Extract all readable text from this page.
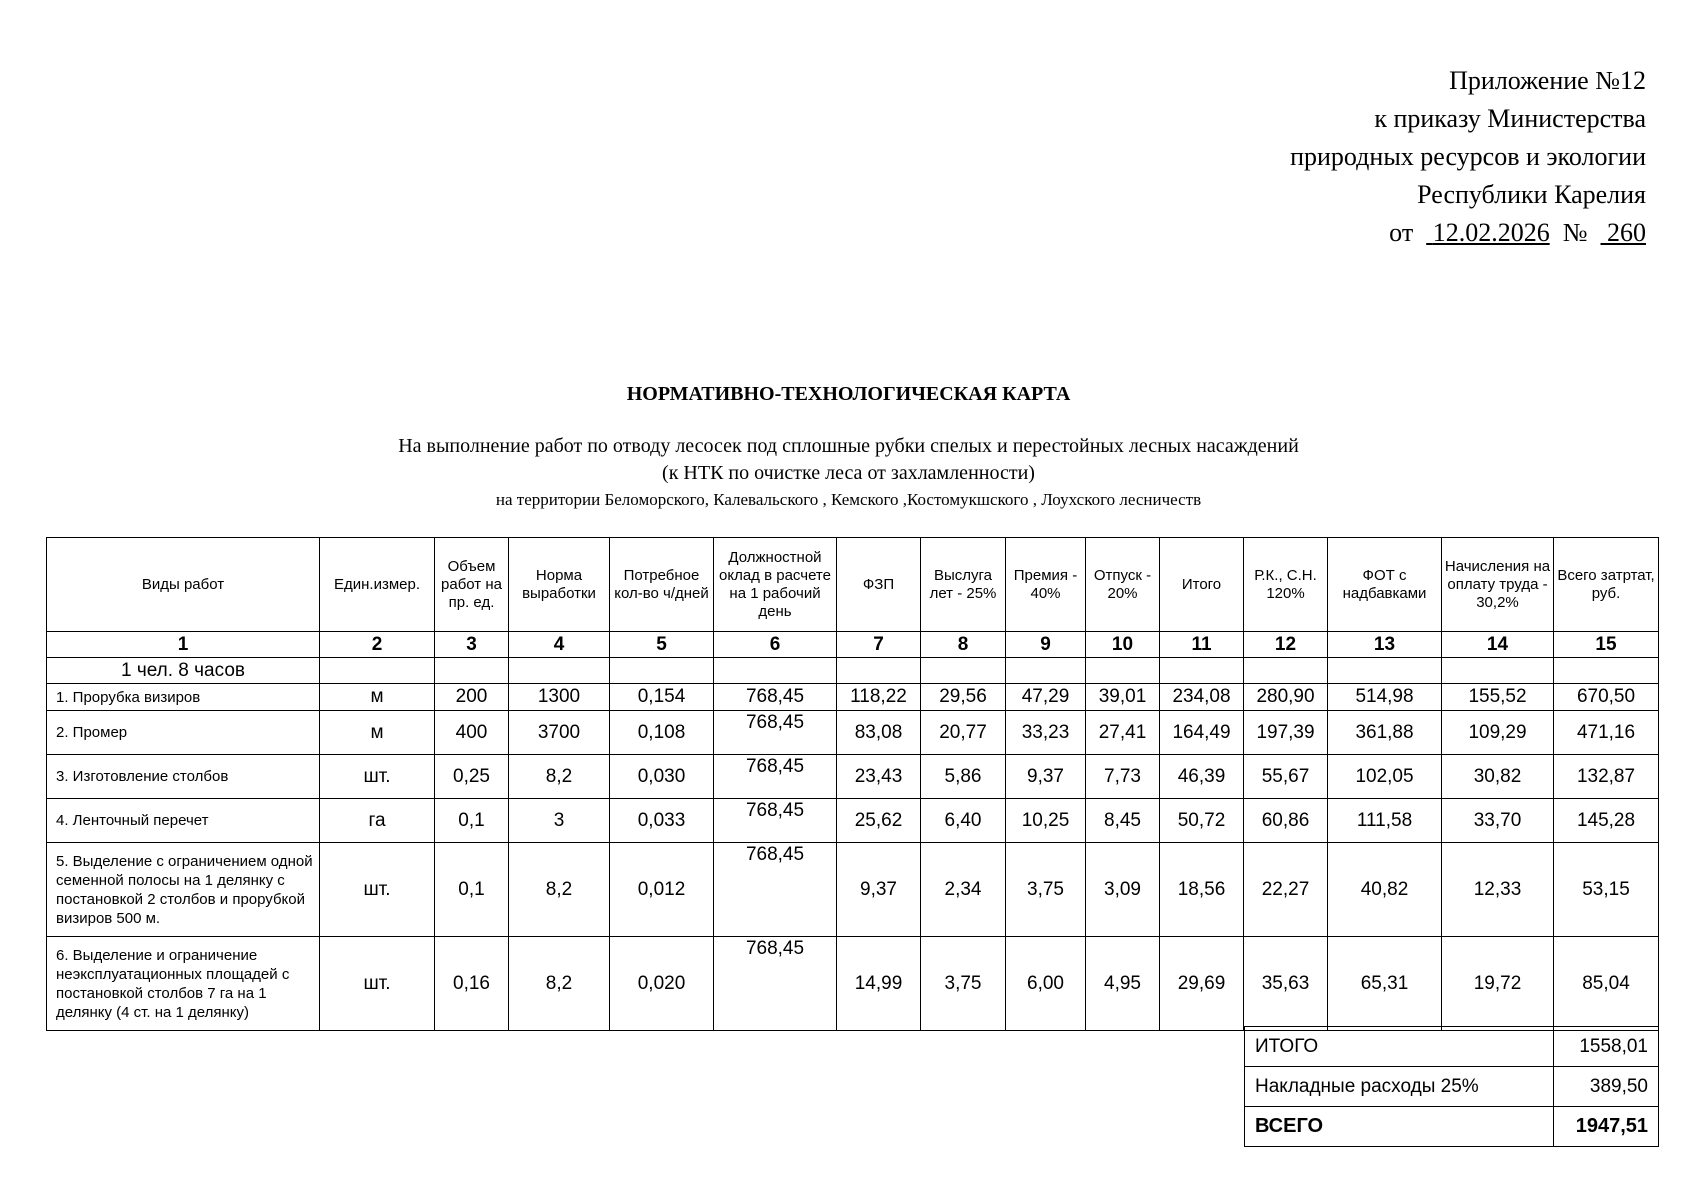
Приложение №12
к приказу Министерства
природных ресурсов и экологии
Республики Карелия
от 12.02.2026 № 260
НОРМАТИВНО-ТЕХНОЛОГИЧЕСКАЯ КАРТА
На выполнение работ по отводу лесосек под сплошные рубки спелых и перестойных лесных насаждений
(к НТК по очистке леса от захламленности)
на территории Беломорского, Калевальского , Кемского ,Костомукшского , Лоухского лесничеств
Виды работ	Един.измер.	Объем работ на пр. ед.	Норма выработки	Потребное кол-во ч/дней	Должностной оклад в расчете на 1 рабочий день	ФЗП	Выслуга лет - 25%	Премия - 40%	Отпуск - 20%	Итого	Р.К., С.Н. 120%	ФОТ с надбавками	Начисления на оплату труда - 30,2%	Всего затртат, руб.
1	2	3	4	5	6	7	8	9	10	11	12	13	14	15
1 чел. 8 часов														
1. Прорубка визиров	м	200	1300	0,154	768,45	118,22	29,56	47,29	39,01	234,08	280,90	514,98	155,52	670,50
2. Промер	м	400	3700	0,108	768,45	83,08	20,77	33,23	27,41	164,49	197,39	361,88	109,29	471,16
3. Изготовление столбов	шт.	0,25	8,2	0,030	768,45	23,43	5,86	9,37	7,73	46,39	55,67	102,05	30,82	132,87
4. Ленточный перечет	га	0,1	3	0,033	768,45	25,62	6,40	10,25	8,45	50,72	60,86	111,58	33,70	145,28
5. Выделение с ограничением одной семенной полосы на 1 делянку с постановкой 2 столбов и прорубкой визиров 500 м.	шт.	0,1	8,2	0,012	768,45	9,37	2,34	3,75	3,09	18,56	22,27	40,82	12,33	53,15
6. Выделение и ограничение неэксплуатационных площадей с постановкой столбов 7 га на 1 делянку (4 ст. на 1 делянку)	шт.	0,16	8,2	0,020	768,45	14,99	3,75	6,00	4,95	29,69	35,63	65,31	19,72	85,04
ИТОГО	1558,01
Накладные расходы 25%	389,50
ВСЕГО	1947,51
